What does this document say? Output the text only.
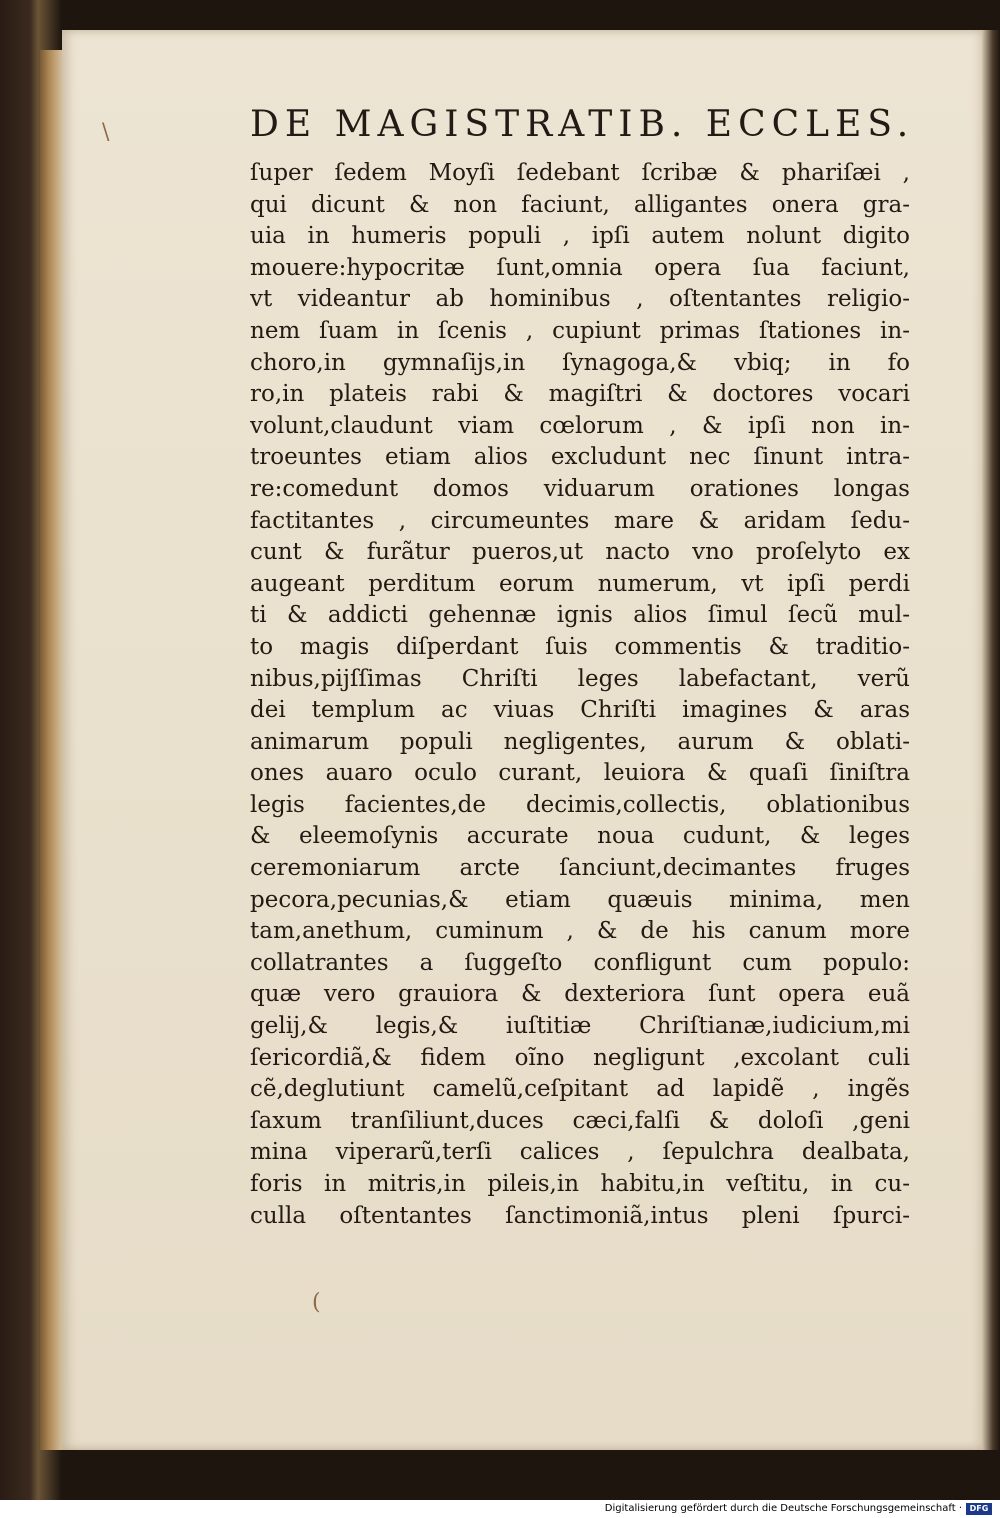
\
(
DE MAGISTRATIB. ECCLES.
ſuper ſedem Moyſi ſedebant ſcribæ & phariſæi ,
qui dicunt & non faciunt, alligantes onera gra-
uia in humeris populi , ipſi autem nolunt digito
mouere:hypocritæ ſunt,omnia opera ſua faciunt,
vt videantur ab hominibus , oſtentantes religio-
nem ſuam in ſcenis , cupiunt primas ſtationes in-
choro,in gymnaſijs,in ſynagoga,& vbiq; in fo
ro,in plateis rabi & magiſtri & doctores vocari
volunt,claudunt viam cœlorum , & ipſi non in-
troeuntes etiam alios excludunt nec ſinunt intra-
re:comedunt domos viduarum orationes longas
factitantes , circumeuntes mare & aridam ſedu-
cunt & furãtur pueros,ut nacto vno proſelyto ex
augeant perditum eorum numerum, vt ipſi perdi
ti & addicti gehennæ ignis alios ſimul ſecũ mul-
to magis diſperdant ſuis commentis & traditio-
nibus,pijſſimas Chriſti leges labefactant, verũ
dei templum ac viuas Chriſti imagines & aras
animarum populi negligentes, aurum & oblati-
ones auaro oculo curant, leuiora & quaſi ſiniſtra
legis facientes,de decimis,collectis, oblationibus
& eleemoſynis accurate noua cudunt, & leges
ceremoniarum arcte ſanciunt,decimantes fruges
pecora,pecunias,& etiam quæuis minima, men
tam,anethum, cuminum , & de his canum more
collatrantes a ſuggeſto confligunt cum populo:
quæ vero grauiora & dexteriora ſunt opera euã
gelij,& legis,& iuſtitiæ Chriſtianæ,iudicium,mi
ſericordiã,& fidem oĩno negligunt ,excolant culi
cẽ,deglutiunt camelũ,ceſpitant ad lapidẽ , ingẽs
ſaxum tranſiliunt,duces cæci,falſi & doloſi ,geni
mina viperarũ,terſi calices , ſepulchra dealbata,
foris in mitris,in pileis,in habitu,in veſtitu, in cu-
culla oſtentantes ſanctimoniã,intus pleni ſpurci-
Digitalisierung gefördert durch die Deutsche Forschungsgemeinschaft · DFG
